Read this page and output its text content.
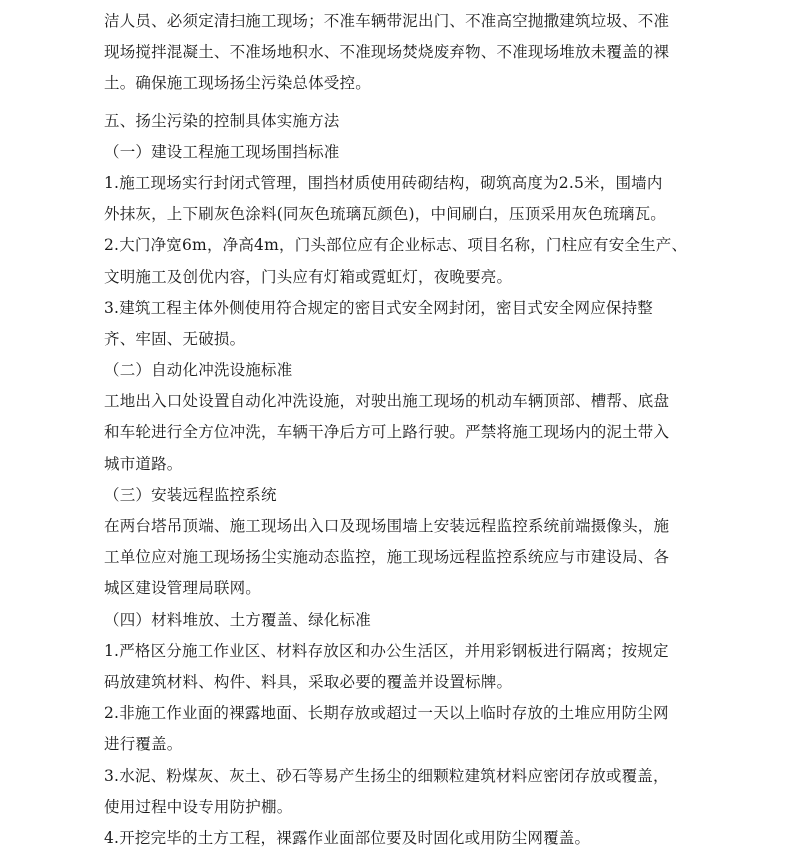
洁人员、必须定清扫施工现场；不准车辆带泥出门、不准高空抛撒建筑垃圾、不准
现场搅拌混凝土、不准场地积水、不准现场焚烧废弃物、不准现场堆放未覆盖的裸
土。确保施工现场扬尘污染总体受控。
五、扬尘污染的控制具体实施方法
（一）建设工程施工现场围挡标准
1.施工现场实行封闭式管理，围挡材质使用砖砌结构，砌筑高度为2.5米，围墙内
外抹灰，上下刷灰色涂料(同灰色琉璃瓦颜色)，中间刷白，压顶采用灰色琉璃瓦。
2.大门净宽6m，净高4m，门头部位应有企业标志、项目名称，门柱应有安全生产、
文明施工及创优内容，门头应有灯箱或霓虹灯，夜晚要亮。
3.建筑工程主体外侧使用符合规定的密目式安全网封闭，密目式安全网应保持整
齐、牢固、无破损。
（二）自动化冲洗设施标准
工地出入口处设置自动化冲洗设施，对驶出施工现场的机动车辆顶部、槽帮、底盘
和车轮进行全方位冲洗，车辆干净后方可上路行驶。严禁将施工现场内的泥土带入
城市道路。
（三）安装远程监控系统
在两台塔吊顶端、施工现场出入口及现场围墙上安装远程监控系统前端摄像头，施
工单位应对施工现场扬尘实施动态监控，施工现场远程监控系统应与市建设局、各
城区建设管理局联网。
（四）材料堆放、土方覆盖、绿化标准
1.严格区分施工作业区、材料存放区和办公生活区，并用彩钢板进行隔离；按规定
码放建筑材料、构件、料具，采取必要的覆盖并设置标牌。
2.非施工作业面的裸露地面、长期存放或超过一天以上临时存放的土堆应用防尘网
进行覆盖。
3.水泥、粉煤灰、灰土、砂石等易产生扬尘的细颗粒建筑材料应密闭存放或覆盖，
使用过程中设专用防护棚。
4.开挖完毕的土方工程，裸露作业面部位要及时固化或用防尘网覆盖。
